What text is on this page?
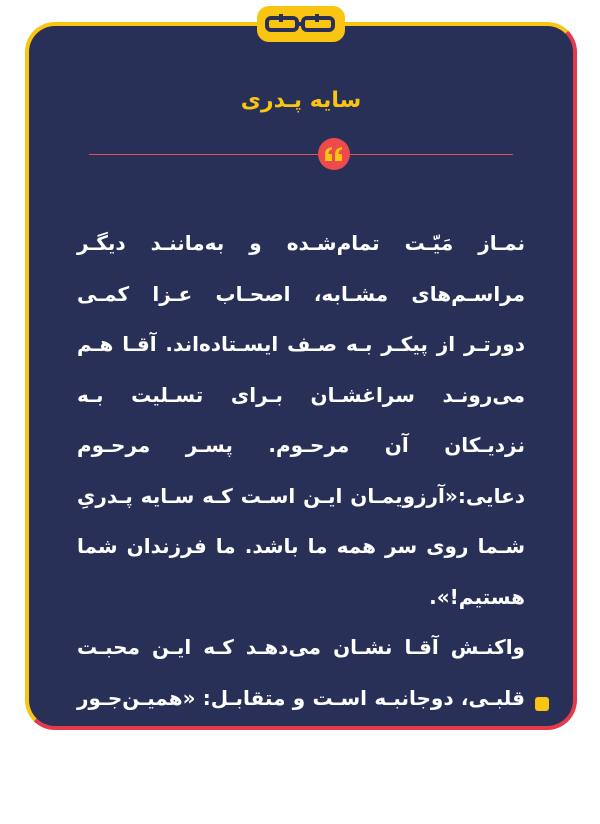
سایه پـدری

نمـاز مَیّـت تمام‌شـده و به‌ماننـد دیگـر مراسـم‌های مشـابه، اصحـاب عـزا کمـی دورتـر از پیکـر بـه صـف ایسـتاده‌اند. آقـا هـم می‌رونـد سراغشـان بـرای تسـلیت بـه نزدیـکان آن مرحـوم. پسـر مرحـوم دعایی:«آرزویمـان ایـن اسـت کـه سـایه پـدریِ شـما روی سر همه ما باشد. ما فرزندان شما هستیم!».

واکنـش آقـا نشـان می‌دهـد کـه ایـن محبـت قلبـی، دوجانبـه اسـت و متقابـل: «همیـن‌جـور اسـت. مـا هم نسبت به شما همین احساس را داریم.»
